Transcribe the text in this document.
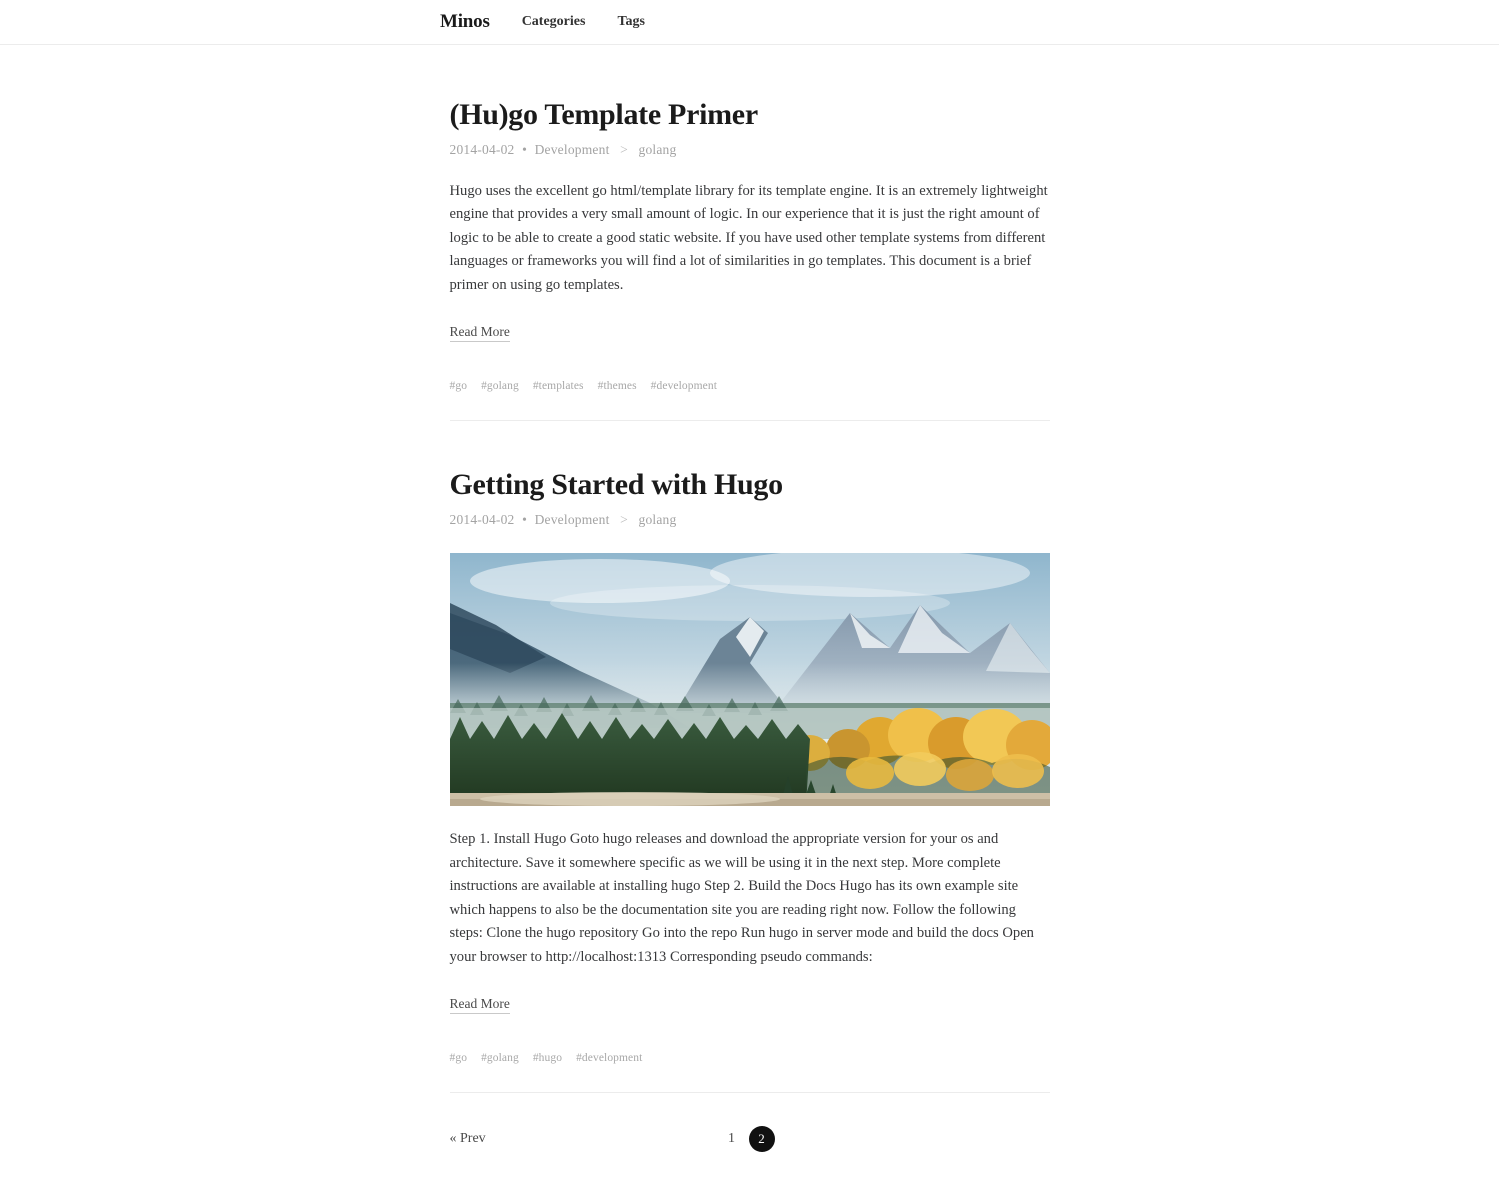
Minos Categories Tags
(Hu)go Template Primer
2014-04-02 • Development > golang

Hugo uses the excellent go html/template library for its template engine. It is an extremely lightweight engine that provides a very small amount of logic. In our experience that it is just the right amount of logic to be able to create a good static website. If you have used other template systems from different languages or frameworks you will find a lot of similarities in go templates. This document is a brief primer on using go templates.

Read More
#go #golang #templates #themes #development
Getting Started with Hugo
2014-04-02 • Development > golang

Step 1. Install Hugo Goto hugo releases and download the appropriate version for your os and architecture. Save it somewhere specific as we will be using it in the next step. More complete instructions are available at installing hugo Step 2. Build the Docs Hugo has its own example site which happens to also be the documentation site you are reading right now. Follow the following steps: Clone the hugo repository Go into the repo Run hugo in server mode and build the docs Open your browser to http://localhost:1313 Corresponding pseudo commands:

Read More
#go #golang #hugo #development
« Prev	1	2
